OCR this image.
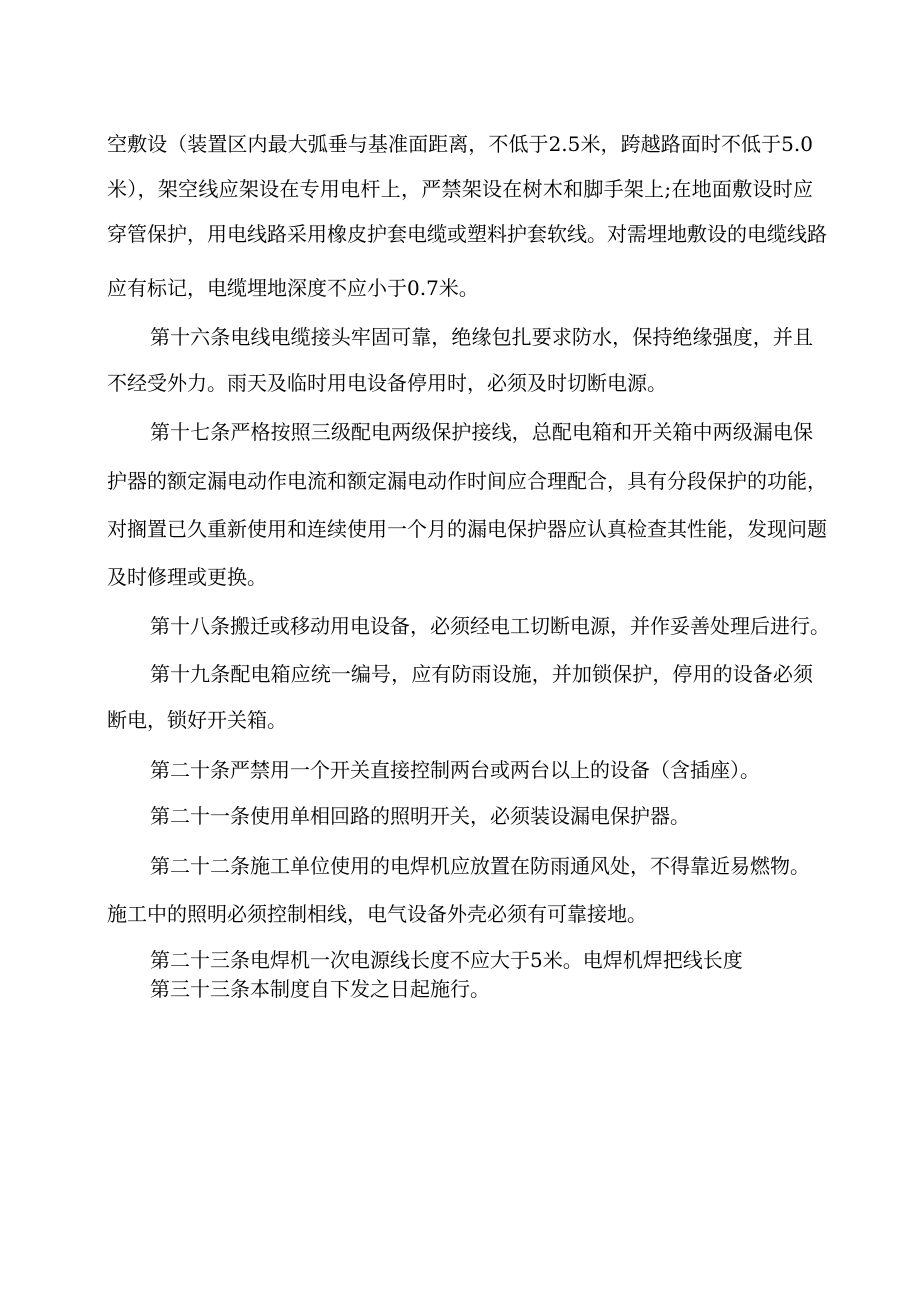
空敷设（装置区内最大弧垂与基准面距离，不低于2.5米，跨越路面时不低于5.0
米），架空线应架设在专用电杆上，严禁架设在树木和脚手架上;在地面敷设时应
穿管保护，用电线路采用橡皮护套电缆或塑料护套软线。对需埋地敷设的电缆线路
应有标记，电缆埋地深度不应小于0.7米。
第十六条电线电缆接头牢固可靠，绝缘包扎要求防水，保持绝缘强度，并且
不经受外力。雨天及临时用电设备停用时，必须及时切断电源。
第十七条严格按照三级配电两级保护接线，总配电箱和开关箱中两级漏电保
护器的额定漏电动作电流和额定漏电动作时间应合理配合，具有分段保护的功能，
对搁置已久重新使用和连续使用一个月的漏电保护器应认真检查其性能，发现问题
及时修理或更换。
第十八条搬迁或移动用电设备，必须经电工切断电源，并作妥善处理后进行。
第十九条配电箱应统一编号，应有防雨设施，并加锁保护，停用的设备必须
断电，锁好开关箱。
第二十条严禁用一个开关直接控制两台或两台以上的设备（含插座）。
第二十一条使用单相回路的照明开关，必须装设漏电保护器。
第二十二条施工单位使用的电焊机应放置在防雨通风处，不得靠近易燃物。
施工中的照明必须控制相线，电气设备外壳必须有可靠接地。
第二十三条电焊机一次电源线长度不应大于5米。电焊机焊把线长度
第三十三条本制度自下发之日起施行。
